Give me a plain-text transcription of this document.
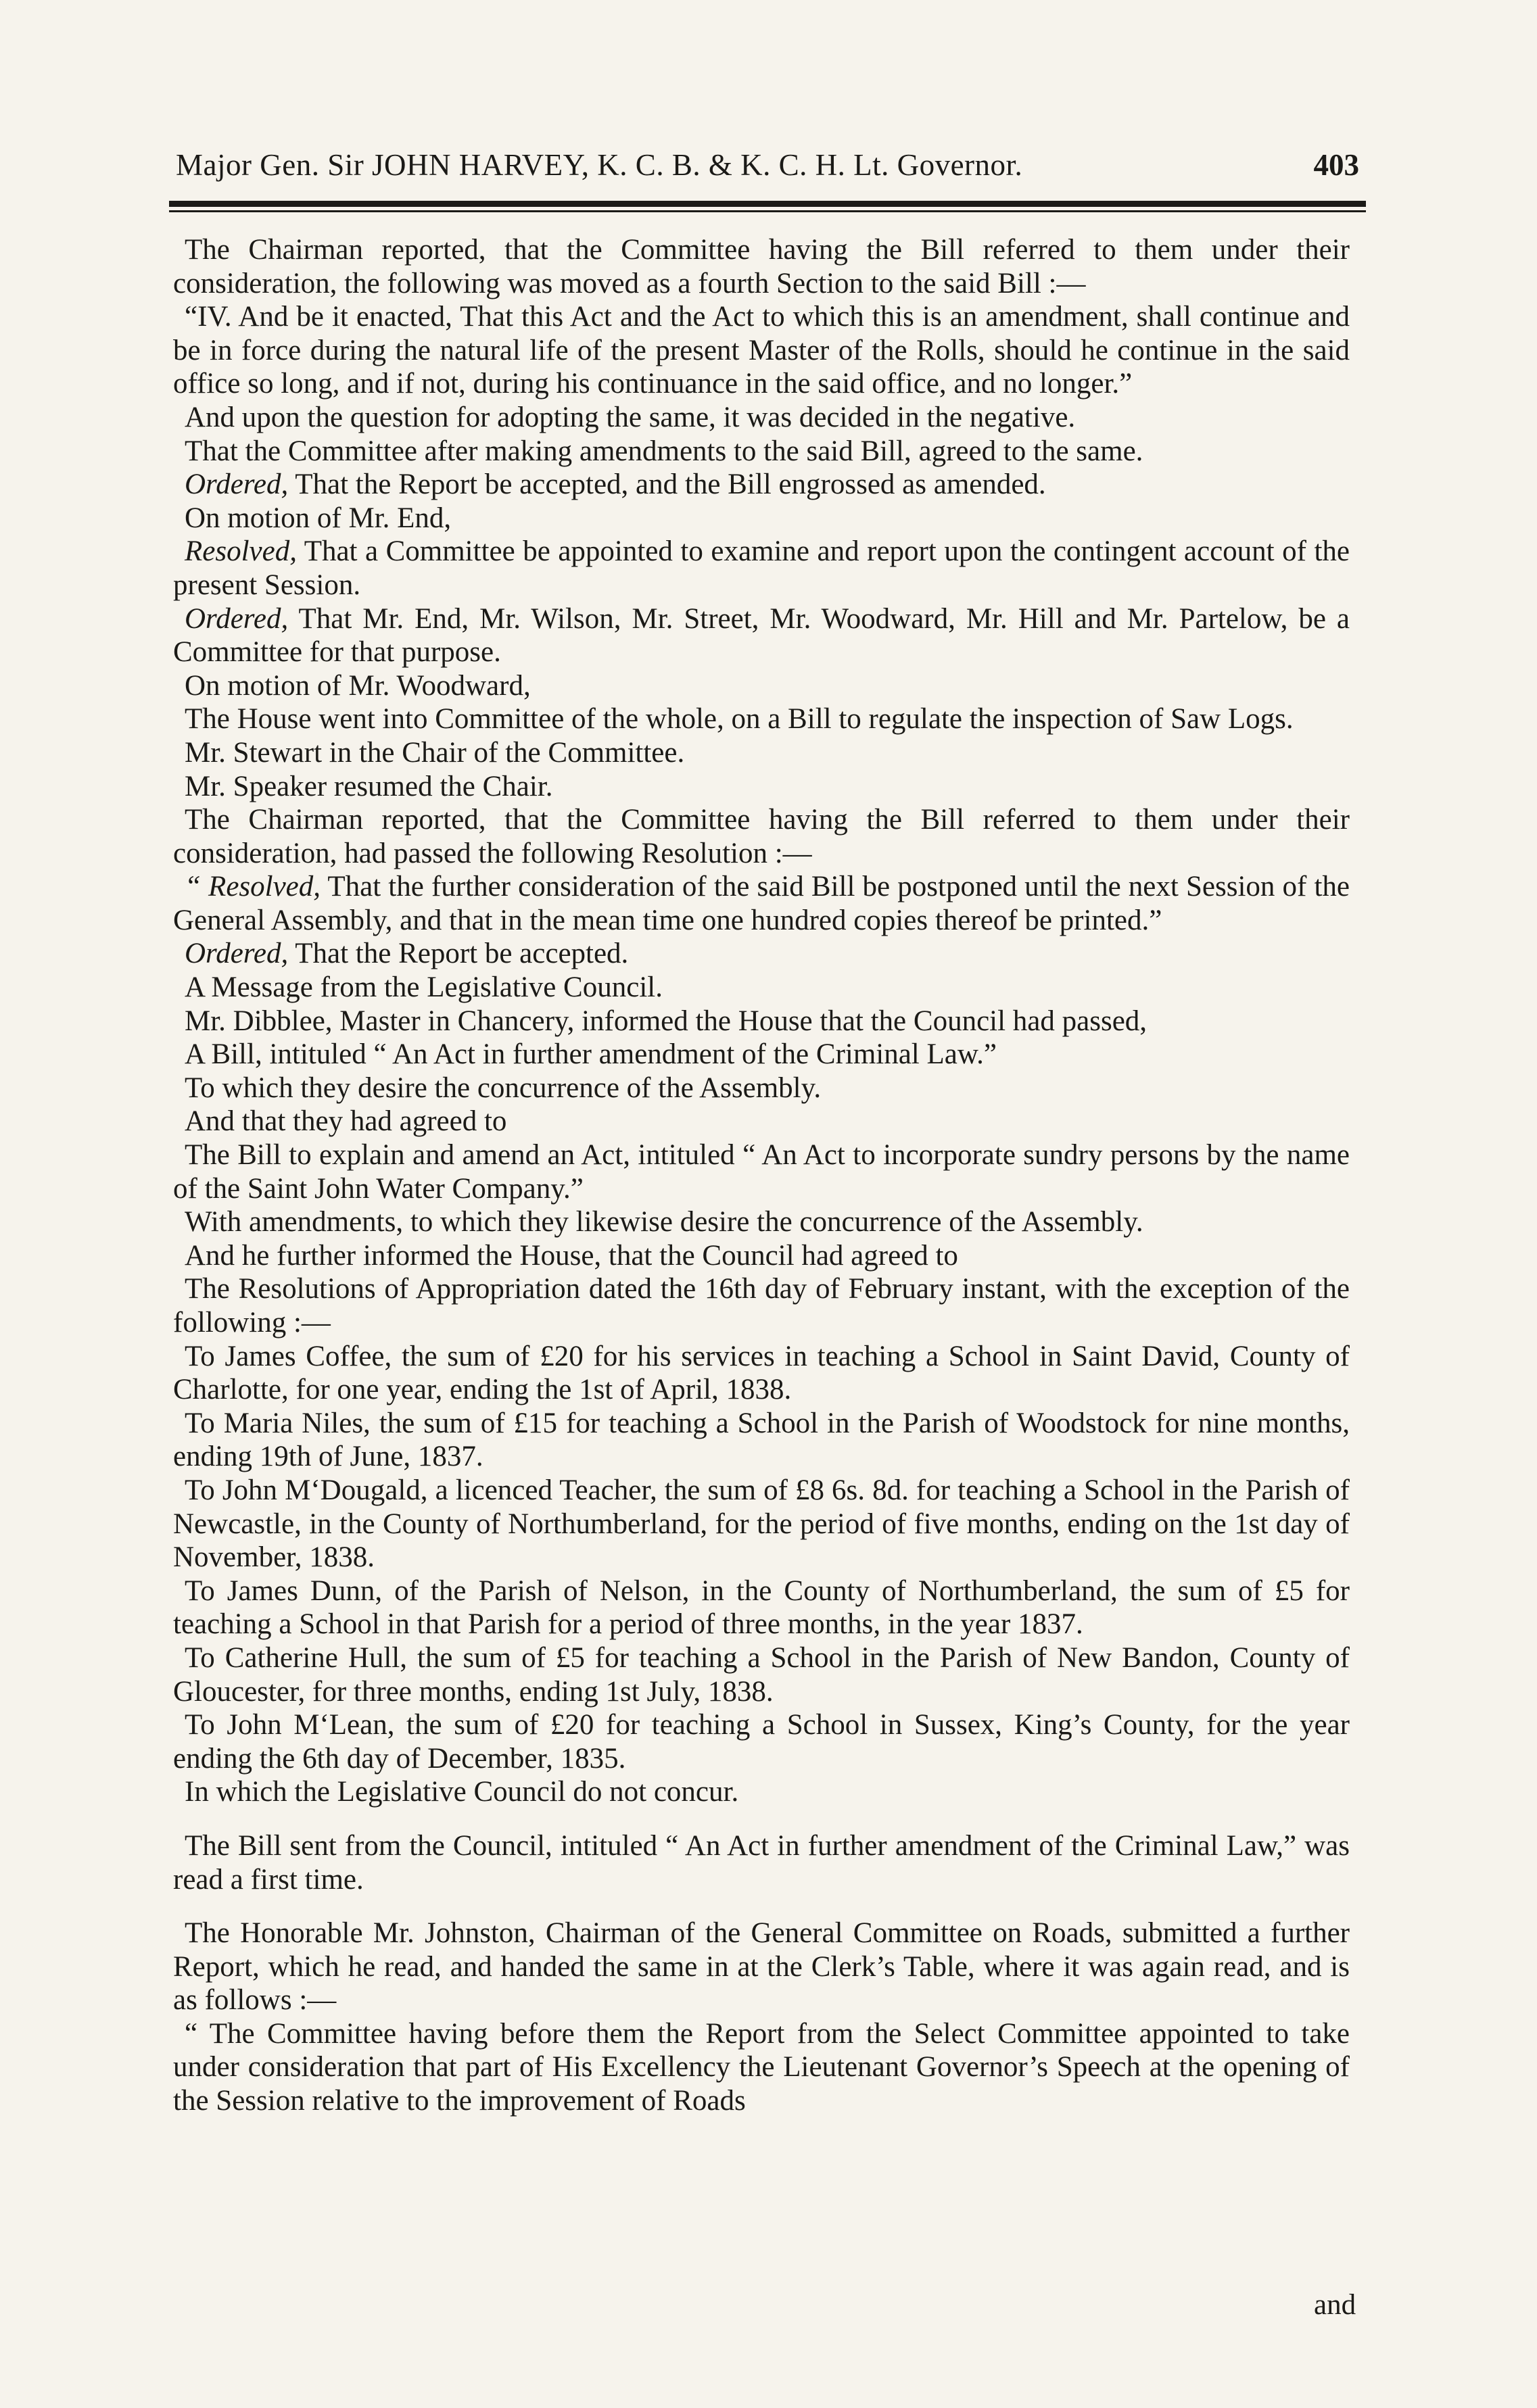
Major Gen. Sir JOHN HARVEY, K. C. B. & K. C. H. Lt. Governor.	403
The Chairman reported, that the Committee having the Bill referred to them under their consideration, the following was moved as a fourth Section to the said Bill :—
“IV. And be it enacted, That this Act and the Act to which this is an amendment, shall continue and be in force during the natural life of the present Master of the Rolls, should he continue in the said office so long, and if not, during his continuance in the said office, and no longer.”
And upon the question for adopting the same, it was decided in the negative.
That the Committee after making amendments to the said Bill, agreed to the same.
Ordered, That the Report be accepted, and the Bill engrossed as amended.
On motion of Mr. End,
Resolved, That a Committee be appointed to examine and report upon the contingent account of the present Session.
Ordered, That Mr. End, Mr. Wilson, Mr. Street, Mr. Woodward, Mr. Hill and Mr. Partelow, be a Committee for that purpose.
On motion of Mr. Woodward,
The House went into Committee of the whole, on a Bill to regulate the inspection of Saw Logs.
Mr. Stewart in the Chair of the Committee.
Mr. Speaker resumed the Chair.
The Chairman reported, that the Committee having the Bill referred to them under their consideration, had passed the following Resolution :—
“ Resolved, That the further consideration of the said Bill be postponed until the next Session of the General Assembly, and that in the mean time one hundred copies thereof be printed.”
Ordered, That the Report be accepted.
A Message from the Legislative Council.
Mr. Dibblee, Master in Chancery, informed the House that the Council had passed,
A Bill, intituled “ An Act in further amendment of the Criminal Law.”
To which they desire the concurrence of the Assembly.
And that they had agreed to
The Bill to explain and amend an Act, intituled “ An Act to incorporate sundry persons by the name of the Saint John Water Company.”
With amendments, to which they likewise desire the concurrence of the Assembly.
And he further informed the House, that the Council had agreed to
The Resolutions of Appropriation dated the 16th day of February instant, with the exception of the following :—
To James Coffee, the sum of £20 for his services in teaching a School in Saint David, County of Charlotte, for one year, ending the 1st of April, 1838.
To Maria Niles, the sum of £15 for teaching a School in the Parish of Woodstock for nine months, ending 19th of June, 1837.
To John M‘Dougald, a licenced Teacher, the sum of £8 6s. 8d. for teaching a School in the Parish of Newcastle, in the County of Northumberland, for the period of five months, ending on the 1st day of November, 1838.
To James Dunn, of the Parish of Nelson, in the County of Northumberland, the sum of £5 for teaching a School in that Parish for a period of three months, in the year 1837.
To Catherine Hull, the sum of £5 for teaching a School in the Parish of New Bandon, County of Gloucester, for three months, ending 1st July, 1838.
To John M‘Lean, the sum of £20 for teaching a School in Sussex, King’s County, for the year ending the 6th day of December, 1835.
In which the Legislative Council do not concur.
The Bill sent from the Council, intituled “ An Act in further amendment of the Criminal Law,” was read a first time.
The Honorable Mr. Johnston, Chairman of the General Committee on Roads, submitted a further Report, which he read, and handed the same in at the Clerk’s Table, where it was again read, and is as follows :—
“ The Committee having before them the Report from the Select Committee appointed to take under consideration that part of His Excellency the Lieutenant Governor’s Speech at the opening of the Session relative to the improvement of Roads
and
